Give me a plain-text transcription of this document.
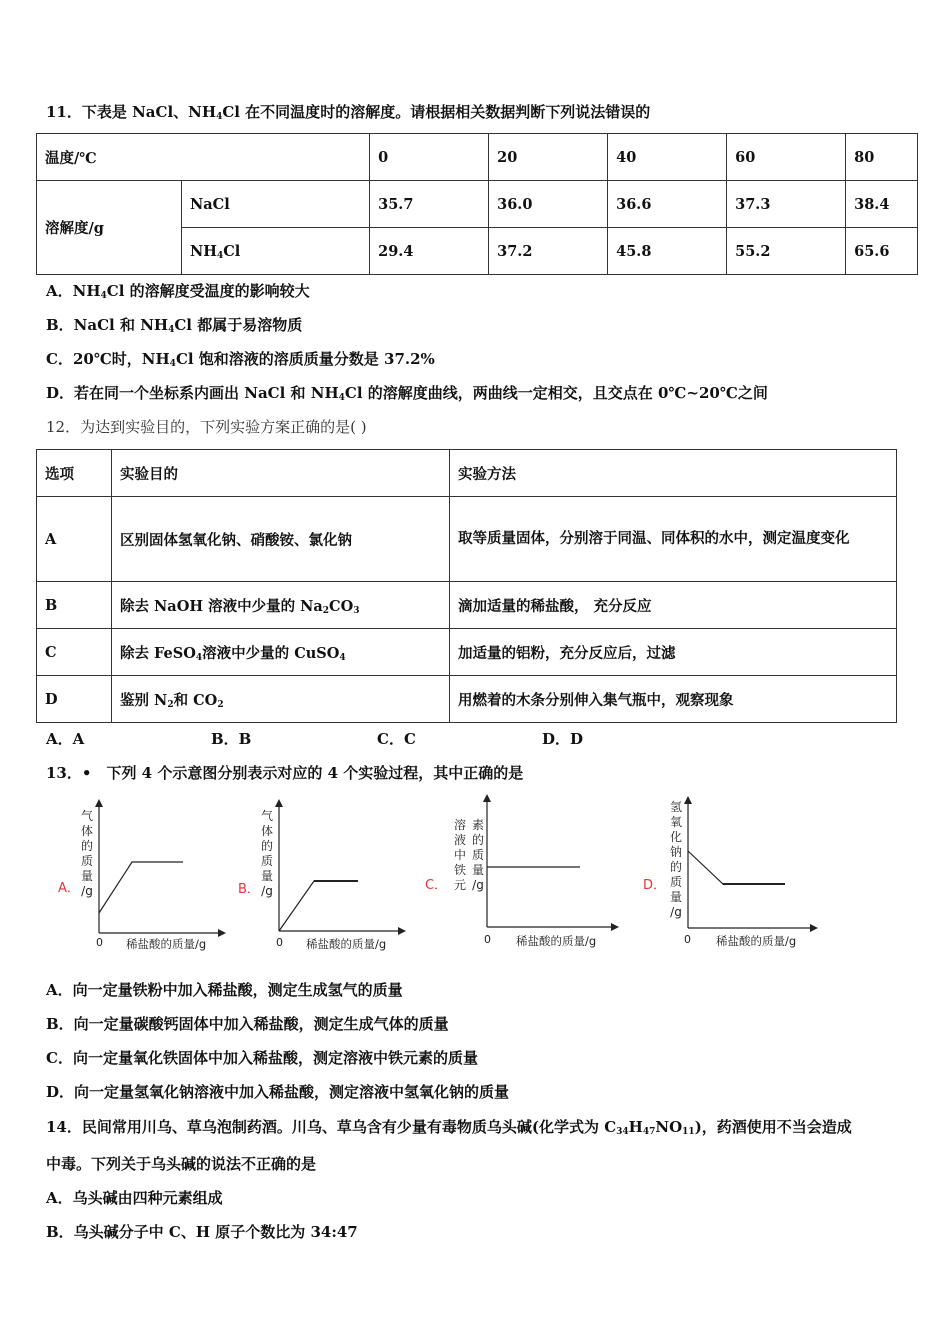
11．下表是 NaCl、$NH_4Cl$ 在不同温度时的溶解度。请根据相关数据判断下列说法错误的
温度/℃		0	20	40	60	80
溶解度/g	NaCl	35.7	36.0	36.6	37.3	38.4
	$NH_4Cl$	29.4	37.2	45.8	55.2	65.6
A．$NH_4Cl$ 的溶解度受温度的影响较大
B．NaCl 和 $NH_4Cl$ 都属于易溶物质
C．20℃时，$NH_4Cl$ 饱和溶液的溶质质量分数是 37.2%
D．若在同一个坐标系内画出 NaCl 和 $NH_4Cl$ 的溶解度曲线，两曲线一定相交，且交点在 0℃~20℃之间
12．为达到实验目的，下列实验方案正确的是( )
选项	实验目的	实验方法
A	区别固体氢氧化钠、硝酸铵、氯化钠	取等质量固体，分别溶于同温、同体积的水中，测定温度变化
B	除去 NaOH 溶液中少量的 $Na_2CO_3$	滴加适量的稀盐酸， 充分反应
C	除去 FeSO$_4$溶液中少量的 CuSO$_4$	加适量的铝粉，充分反应后，过滤
D	鉴别 $N_2$和 $CO_2$	用燃着的木条分别伸入集气瓶中，观察现象
A．A	B．B	C．C	D．D
13．•　下列 4 个示意图分别表示对应的 4 个实验过程，其中正确的是
气
体
的
质
量
/g
A．
0 稀盐酸的质量/g
气
体
的
质
量
/g
B．
0 稀盐酸的质量/g
溶
液
中
铁
元
素
的
质
量
/g
C．
0 稀盐酸的质量/g
氢
氧
化
钠
的
质
量
/g
D．
0 稀盐酸的质量/g
A．向一定量铁粉中加入稀盐酸，测定生成氢气的质量
B．向一定量碳酸钙固体中加入稀盐酸，测定生成气体的质量
C．向一定量氧化铁固体中加入稀盐酸，测定溶液中铁元素的质量
D．向一定量氢氧化钠溶液中加入稀盐酸，测定溶液中氢氧化钠的质量
14．民间常用川乌、草乌泡制药酒。川乌、草乌含有少量有毒物质乌头碱(化学式为 $C_{34}H_{47}NO_{11}$)，药酒使用不当会造成
中毒。下列关于乌头碱的说法不正确的是
A．乌头碱由四种元素组成
B．乌头碱分子中 C、H 原子个数比为 34:47
